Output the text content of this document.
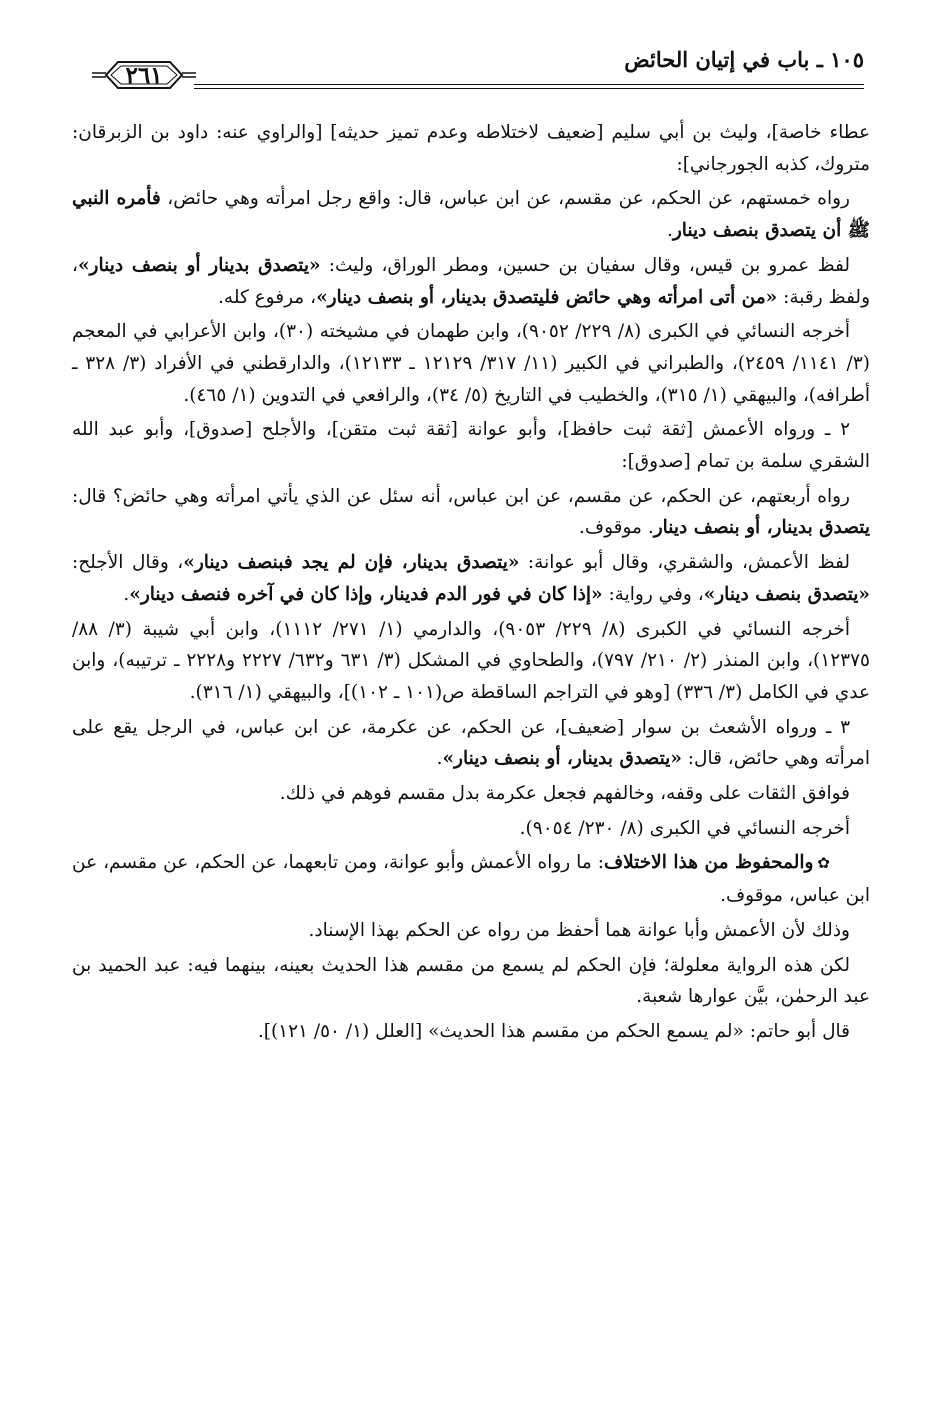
١٠٥ ـ باب في إتيان الحائض
٢٦١

عطاء خاصة]، وليث بن أبي سليم [ضعيف لاختلاطه وعدم تميز حديثه] [والراوي عنه: داود بن الزبرقان: متروك، كذبه الجورجاني]:

رواه خمستهم، عن الحكم، عن مقسم، عن ابن عباس، قال: واقع رجل امرأته وهي حائض، فأمره النبي ﷺ أن يتصدق بنصف دينار.

لفظ عمرو بن قيس، وقال سفيان بن حسين، ومطر الوراق، وليث: «يتصدق بدينار أو بنصف دينار»، ولفظ رقبة: «من أتى امرأته وهي حائض فليتصدق بدينار، أو بنصف دينار»، مرفوع كله.

أخرجه النسائي في الكبرى (٨/ ٢٢٩/ ٩٠٥٢)، وابن طهمان في مشيخته (٣٠)، وابن الأعرابي في المعجم (٣/ ١١٤١/ ٢٤٥٩)، والطبراني في الكبير (١١/ ٣١٧/ ١٢١٢٩ ـ ١٢١٣٣)، والدارقطني في الأفراد (٣/ ٣٢٨ ـ أطرافه)، والبيهقي (١/ ٣١٥)، والخطيب في التاريخ (٥/ ٣٤)، والرافعي في التدوين (١/ ٤٦٥).

٢ ـ ورواه الأعمش [ثقة ثبت حافظ]، وأبو عوانة [ثقة ثبت متقن]، والأجلح [صدوق]، وأبو عبد الله الشقري سلمة بن تمام [صدوق]:

رواه أربعتهم، عن الحكم، عن مقسم، عن ابن عباس، أنه سئل عن الذي يأتي امرأته وهي حائض؟ قال: يتصدق بدينار، أو بنصف دينار. موقوف.

لفظ الأعمش، والشقري، وقال أبو عوانة: «يتصدق بدينار، فإن لم يجد فبنصف دينار»، وقال الأجلح: «يتصدق بنصف دينار»، وفي رواية: «إذا كان في فور الدم فدينار، وإذا كان في آخره فنصف دينار».

أخرجه النسائي في الكبرى (٨/ ٢٢٩/ ٩٠٥٣)، والدارمي (١/ ٢٧١/ ١١١٢)، وابن أبي شيبة (٣/ ٨٨/ ١٢٣٧٥)، وابن المنذر (٢/ ٢١٠/ ٧٩٧)، والطحاوي في المشكل (٣/ ٦٣١ و٦٣٢/ ٢٢٢٧ و٢٢٢٨ ـ ترتيبه)، وابن عدي في الكامل (٣/ ٣٣٦) [وهو في التراجم الساقطة ص(١٠١ ـ ١٠٢)]، والبيهقي (١/ ٣١٦).

٣ ـ ورواه الأشعث بن سوار [ضعيف]، عن الحكم، عن عكرمة، عن ابن عباس، في الرجل يقع على امرأته وهي حائض، قال: «يتصدق بدينار، أو بنصف دينار».

فوافق الثقات على وقفه، وخالفهم فجعل عكرمة بدل مقسم فوهم في ذلك.

أخرجه النسائي في الكبرى (٨/ ٢٣٠/ ٩٠٥٤).

✿والمحفوظ من هذا الاختلاف: ما رواه الأعمش وأبو عوانة، ومن تابعهما، عن الحكم، عن مقسم، عن ابن عباس، موقوف.

وذلك لأن الأعمش وأبا عوانة هما أحفظ من رواه عن الحكم بهذا الإسناد.

لكن هذه الرواية معلولة؛ فإن الحكم لم يسمع من مقسم هذا الحديث بعينه، بينهما فيه: عبد الحميد بن عبد الرحمٰن، بيَّن عوارها شعبة.

قال أبو حاتم: «لم يسمع الحكم من مقسم هذا الحديث» [العلل (١/ ٥٠/ ١٢١)].
